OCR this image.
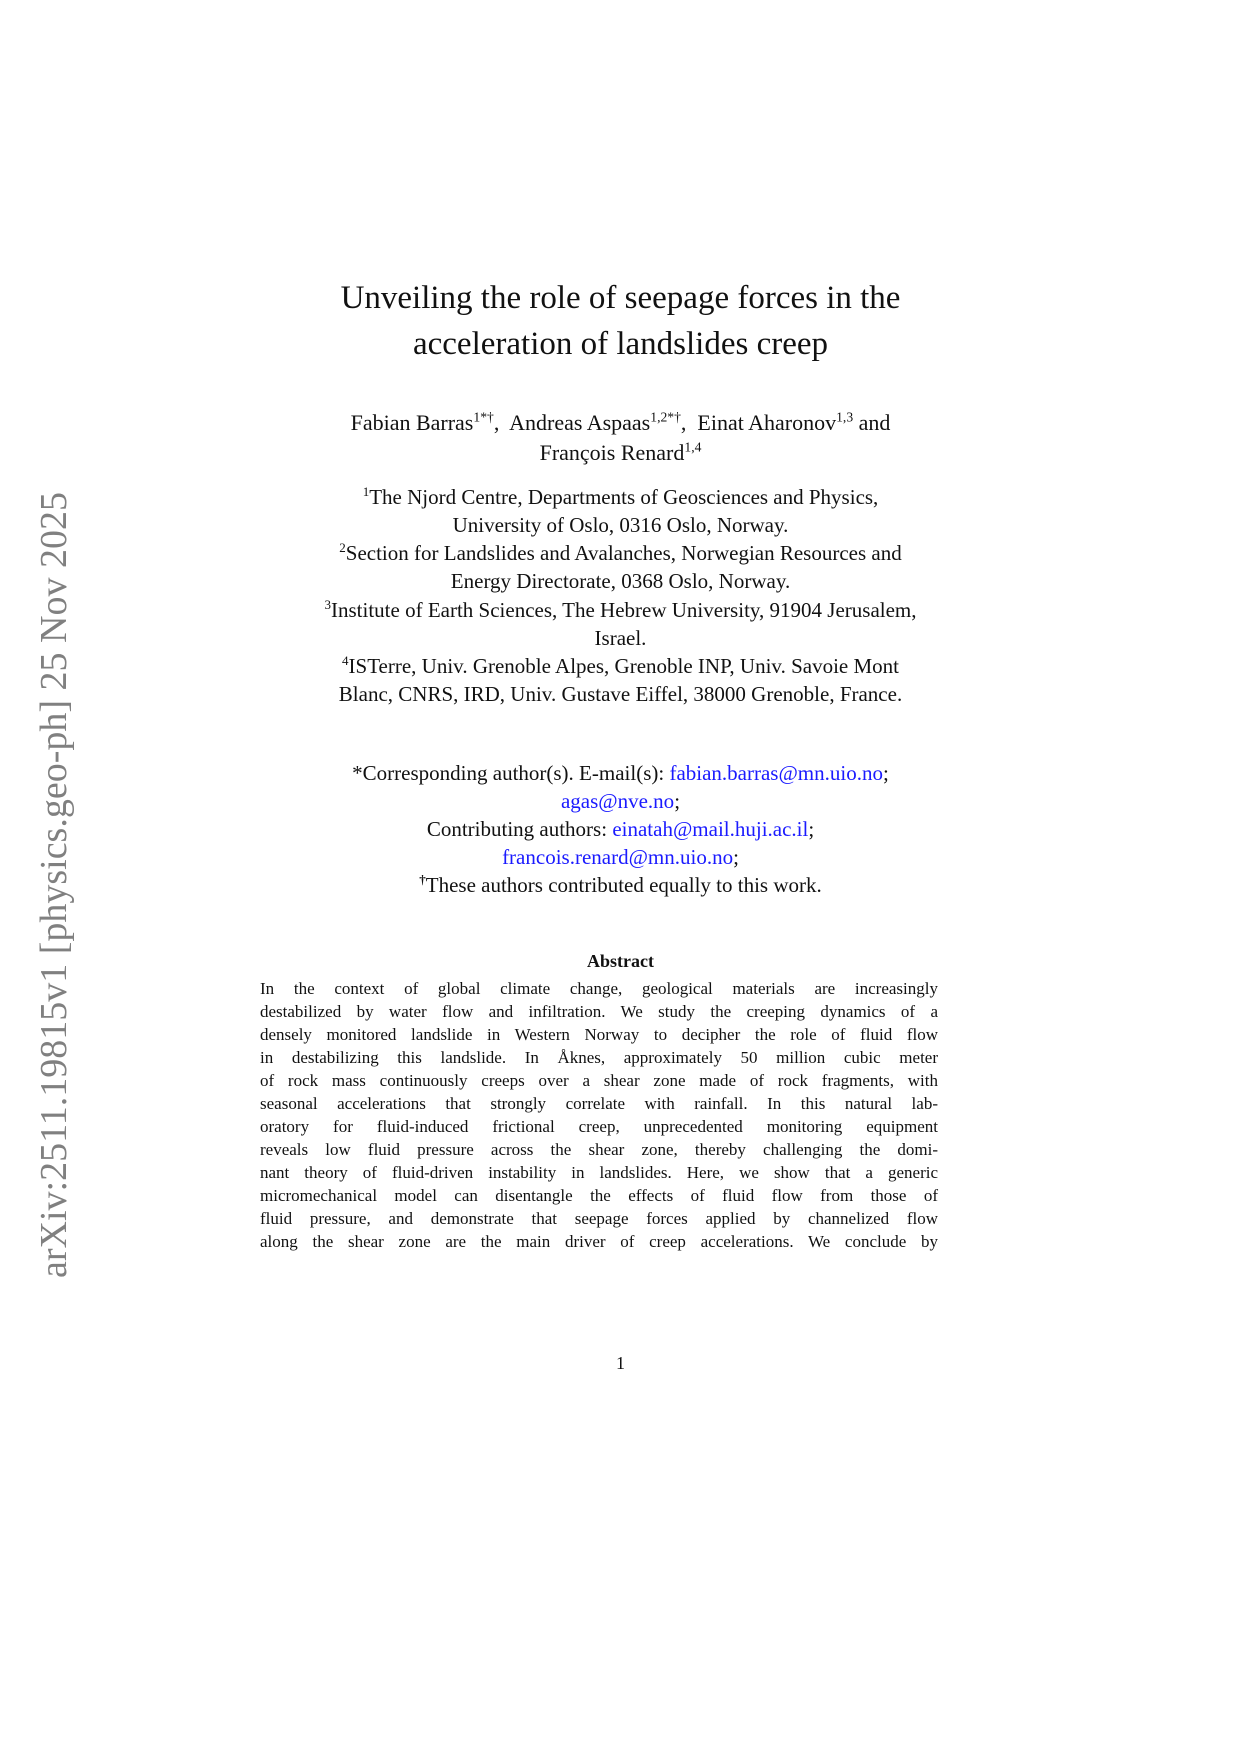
arXiv:2511.19815v1 [physics.geo-ph] 25 Nov 2025
Unveiling the role of seepage forces in the
acceleration of landslides creep
Fabian Barras$^{1*\dagger}$,  Andreas Aspaas$^{1,2*\dagger}$,  Einat Aharonov$^{1,3}$ and
François Renard$^{1,4}$
$^1$The Njord Centre, Departments of Geosciences and Physics,
University of Oslo, 0316 Oslo, Norway.
$^2$Section for Landslides and Avalanches, Norwegian Resources and
Energy Directorate, 0368 Oslo, Norway.
$^3$Institute of Earth Sciences, The Hebrew University, 91904 Jerusalem,
Israel.
$^4$ISTerre, Univ. Grenoble Alpes, Grenoble INP, Univ. Savoie Mont
Blanc, CNRS, IRD, Univ. Gustave Eiffel, 38000 Grenoble, France.
*Corresponding author(s). E-mail(s): fabian.barras@mn.uio.no;
agas@nve.no;
Contributing authors: einatah@mail.huji.ac.il;
francois.renard@mn.uio.no;
†These authors contributed equally to this work.
Abstract
In the context of global climate change, geological materials are increasingly
destabilized by water flow and infiltration. We study the creeping dynamics of a
densely monitored landslide in Western Norway to decipher the role of fluid flow
in destabilizing this landslide. In Åknes, approximately 50 million cubic meter
of rock mass continuously creeps over a shear zone made of rock fragments, with
seasonal accelerations that strongly correlate with rainfall. In this natural lab-
oratory for fluid-induced frictional creep, unprecedented monitoring equipment
reveals low fluid pressure across the shear zone, thereby challenging the domi-
nant theory of fluid-driven instability in landslides. Here, we show that a generic
micromechanical model can disentangle the effects of fluid flow from those of
fluid pressure, and demonstrate that seepage forces applied by channelized flow
along the shear zone are the main driver of creep accelerations. We conclude by
1
